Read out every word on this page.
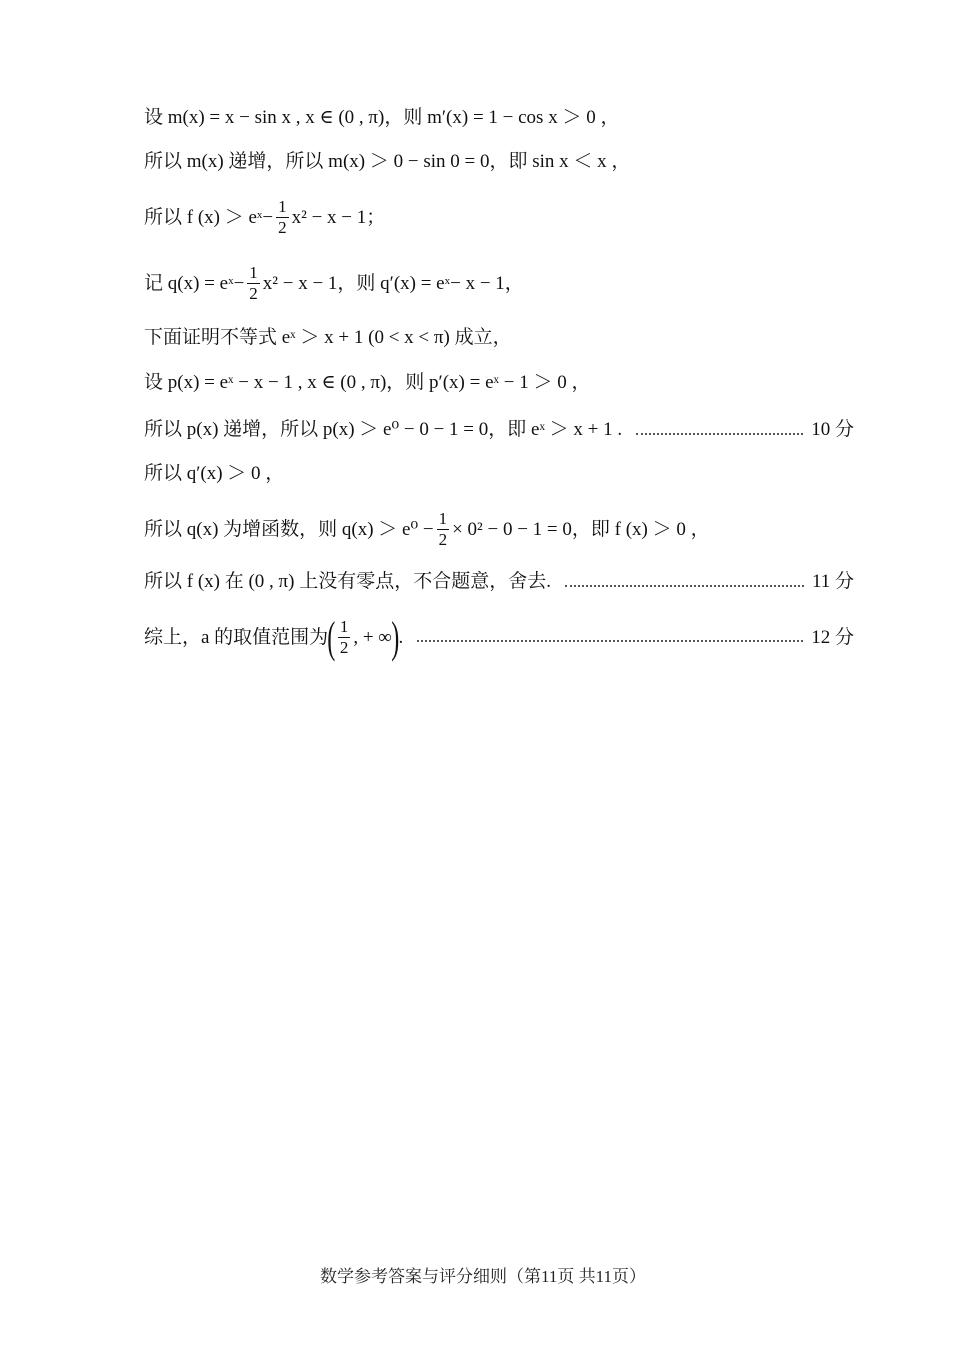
设 m(x) = x − sin x , x ∈ (0 , π)，则 m′(x) = 1 − cos x ＞ 0 ，
所以 m(x) 递增，所以 m(x) ＞ 0 − sin 0 = 0，即 sin x ＜ x ，
所以 f $(x) > e^x - \frac{1}{2} x^2 - x - 1$；
记 $q(x) = e^x - \frac{1}{2} x^2 - x - 1$，则 $q'(x) = e^x - x - 1$，
下面证明不等式 eˣ ＞ x + 1 (0 < x < π) 成立，
设 p(x) = eˣ − x − 1 , x ∈ (0 , π)，则 p′(x) = eˣ − 1 ＞ 0 ，
所以 p(x) 递增，所以 p(x) ＞ e⁰ − 0 − 1 = 0，即 eˣ ＞ x + 1 .	10 分
所以 q′(x) ＞ 0 ，
所以 q(x) 为增函数，则 $q(x) > e^0 - \frac{1}{2} \times 0^2 - 0 - 1 = 0$，即 f (x) ＞ 0 ，
所以 f (x) 在 (0 , π) 上没有零点，不合题意，舍去.	11 分
综上，a 的取值范围为 ( $\frac{1}{2}$ , + ∞ ) .	12 分
数学参考答案与评分细则（第11页 共11页）
